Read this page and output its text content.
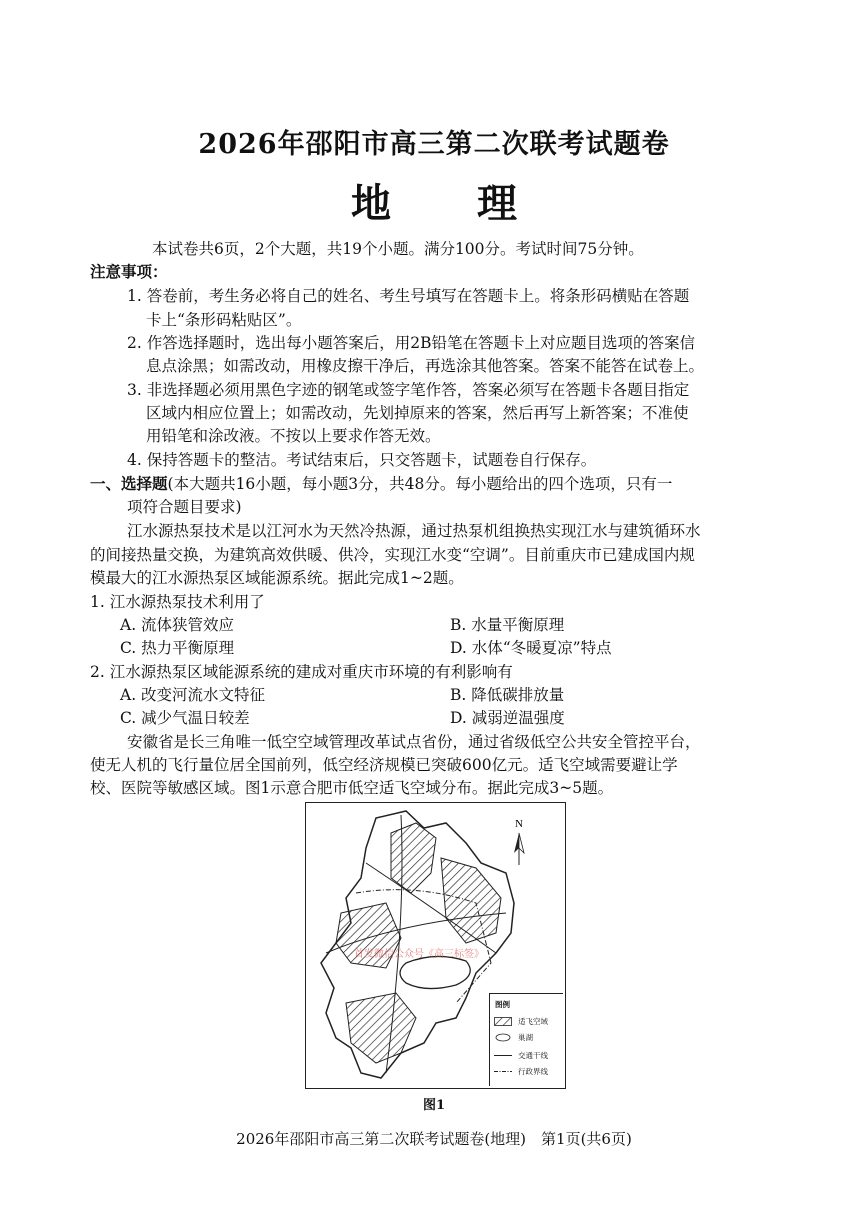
2026年邵阳市高三第二次联考试题卷
地 理
本试卷共6页，2个大题，共19个小题。满分100分。考试时间75分钟。
注意事项：
1. 答卷前，考生务必将自己的姓名、考生号填写在答题卡上。将条形码横贴在答题
卡上“条形码粘贴区”。
2. 作答选择题时，选出每小题答案后，用2B铅笔在答题卡上对应题目选项的答案信
息点涂黑；如需改动，用橡皮擦干净后，再选涂其他答案。答案不能答在试卷上。
3. 非选择题必须用黑色字迹的钢笔或签字笔作答，答案必须写在答题卡各题目指定
区域内相应位置上；如需改动，先划掉原来的答案，然后再写上新答案；不准使
用铅笔和涂改液。不按以上要求作答无效。
4. 保持答题卡的整洁。考试结束后，只交答题卡，试题卷自行保存。
一、选择题(本大题共16小题，每小题3分，共48分。每小题给出的四个选项，只有一
项符合题目要求)
江水源热泵技术是以江河水为天然冷热源，通过热泵机组换热实现江水与建筑循环水
的间接热量交换，为建筑高效供暖、供冷，实现江水变“空调”。目前重庆市已建成国内规
模最大的江水源热泵区域能源系统。据此完成1~2题。
1. 江水源热泵技术利用了
A. 流体狭管效应	B. 水量平衡原理
C. 热力平衡原理	D. 水体“冬暖夏凉”特点
2. 江水源热泵区域能源系统的建成对重庆市环境的有利影响有
A. 改变河流水文特征	B. 降低碳排放量
C. 减少气温日较差	D. 减弱逆温强度
安徽省是长三角唯一低空空域管理改革试点省份，通过省级低空公共安全管控平台，
使无人机的飞行量位居全国前列，低空经济规模已突破600亿元。适飞空域需要避让学
校、医院等敏感区域。图1示意合肥市低空适飞空域分布。据此完成3~5题。
N
首发微信公众号《高三标签》
图例
适飞空域
巢湖
交通干线
行政界线
图1
2026年邵阳市高三第二次联考试题卷(地理)　第1页(共6页)
